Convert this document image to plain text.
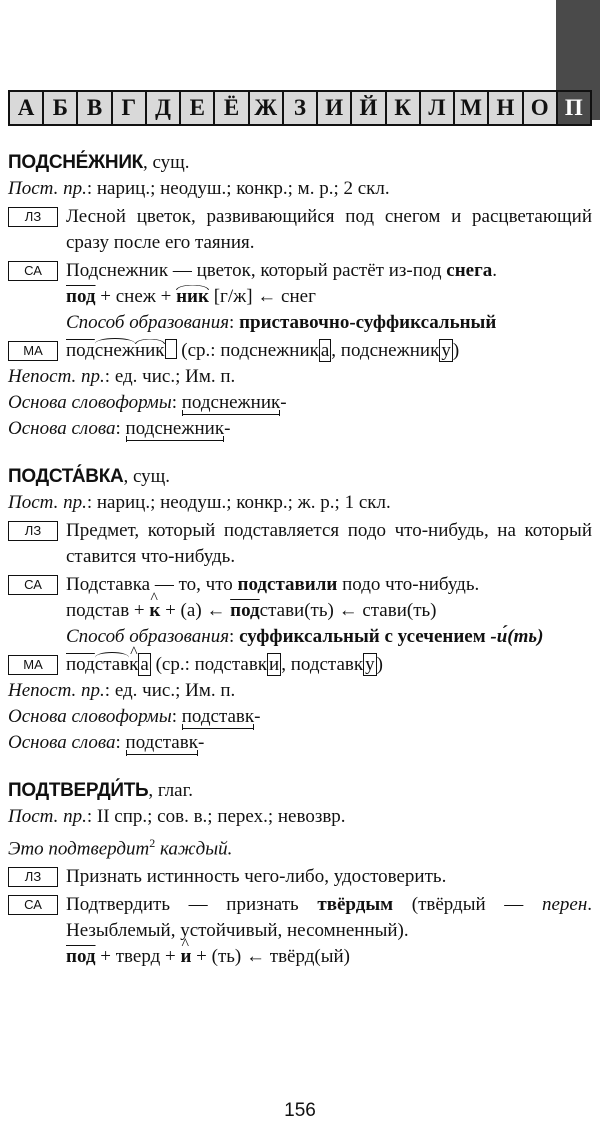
А Б В Г Д Е Ё Ж З И Й К Л М Н О П
ПОДСНЕ́ЖНИК, сущ.
Пост. пр.: нариц.; неодуш.; конкр.; м. р.; 2 скл.
ЛЗ	Лесной цветок, развивающийся под снегом и расцветающий сразу после его таяния.
СА	Подснежник — цветок, который растёт из-под снега.
под + снеж + ник [г/ж] ← снег
Способ образования: приставочно-суффиксальный
МА	подснежник (ср.: подснежник а , подснежник у )
Непост. пр.: ед. чис.; Им. п.
Основа словоформы: подснежник-
Основа слова: подснежник-
ПОДСТА́ВКА, сущ.
Пост. пр.: нариц.; неодуш.; конкр.; ж. р.; 1 скл.
ЛЗ	Предмет, который подставляется подо что-нибудь, на который ставится что-нибудь.
СА	Подставка — то, что подставили подо что-нибудь.
подстав + ^ к + (а) ← подстави(ть) ← стави(ть)
Способ образования: суффиксальный с усечением -и́(ть)
МА	подстав^ к а (ср.: подставк и , подставк у )
Непост. пр.: ед. чис.; Им. п.
Основа словоформы: подставк-
Основа слова: подставк-
ПОДТВЕРДИ́ТЬ, глаг.
Пост. пр.: II спр.; сов. в.; перех.; невозвр.
Это подтвердит$^2$ каждый.
ЛЗ	Признать истинность чего-либо, удостоверить.
СА	Подтвердить — признать твёрдым (твёрдый — перен. Незыблемый, устойчивый, несомненный).
под + тверд + ^ и + (ть) ← твёрд(ый)
156
